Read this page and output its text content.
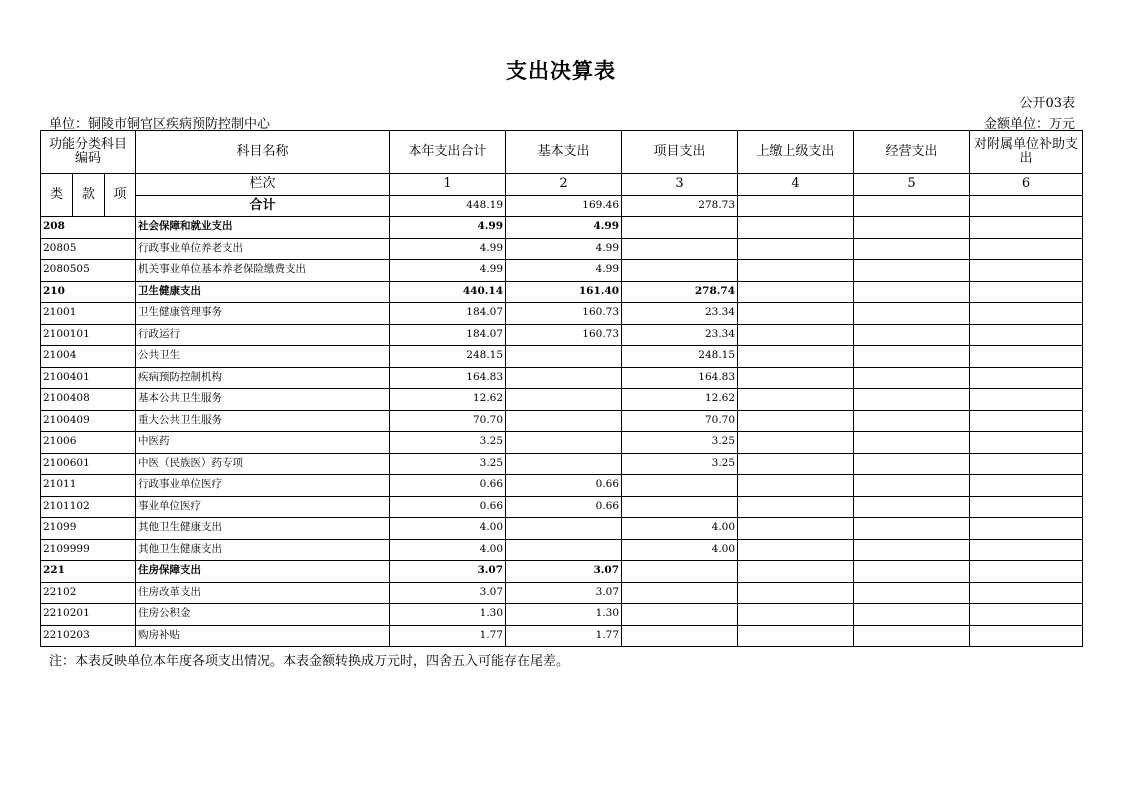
支出决算表
公开03表
单位：铜陵市铜官区疾病预防控制中心	金额单位：万元
功能分类科目编码			科目名称	本年支出合计	基本支出	项目支出	上缴上级支出	经营支出	对附属单位补助支出
类	款	项	栏次	1	2	3	4	5	6
			合计	448.19	169.46	278.73			
208			社会保障和就业支出	4.99	4.99				
20805			行政事业单位养老支出	4.99	4.99				
2080505			机关事业单位基本养老保险缴费支出	4.99	4.99				
210			卫生健康支出	440.14	161.40	278.74			
21001			卫生健康管理事务	184.07	160.73	23.34			
2100101			行政运行	184.07	160.73	23.34			
21004			公共卫生	248.15		248.15			
2100401			疾病预防控制机构	164.83		164.83			
2100408			基本公共卫生服务	12.62		12.62			
2100409			重大公共卫生服务	70.70		70.70			
21006			中医药	3.25		3.25			
2100601			中医（民族医）药专项	3.25		3.25			
21011			行政事业单位医疗	0.66	0.66				
2101102			事业单位医疗	0.66	0.66				
21099			其他卫生健康支出	4.00		4.00			
2109999			其他卫生健康支出	4.00		4.00			
221			住房保障支出	3.07	3.07				
22102			住房改革支出	3.07	3.07				
2210201			住房公积金	1.30	1.30				
2210203			购房补贴	1.77	1.77				
注：本表反映单位本年度各项支出情况。本表金额转换成万元时，四舍五入可能存在尾差。
